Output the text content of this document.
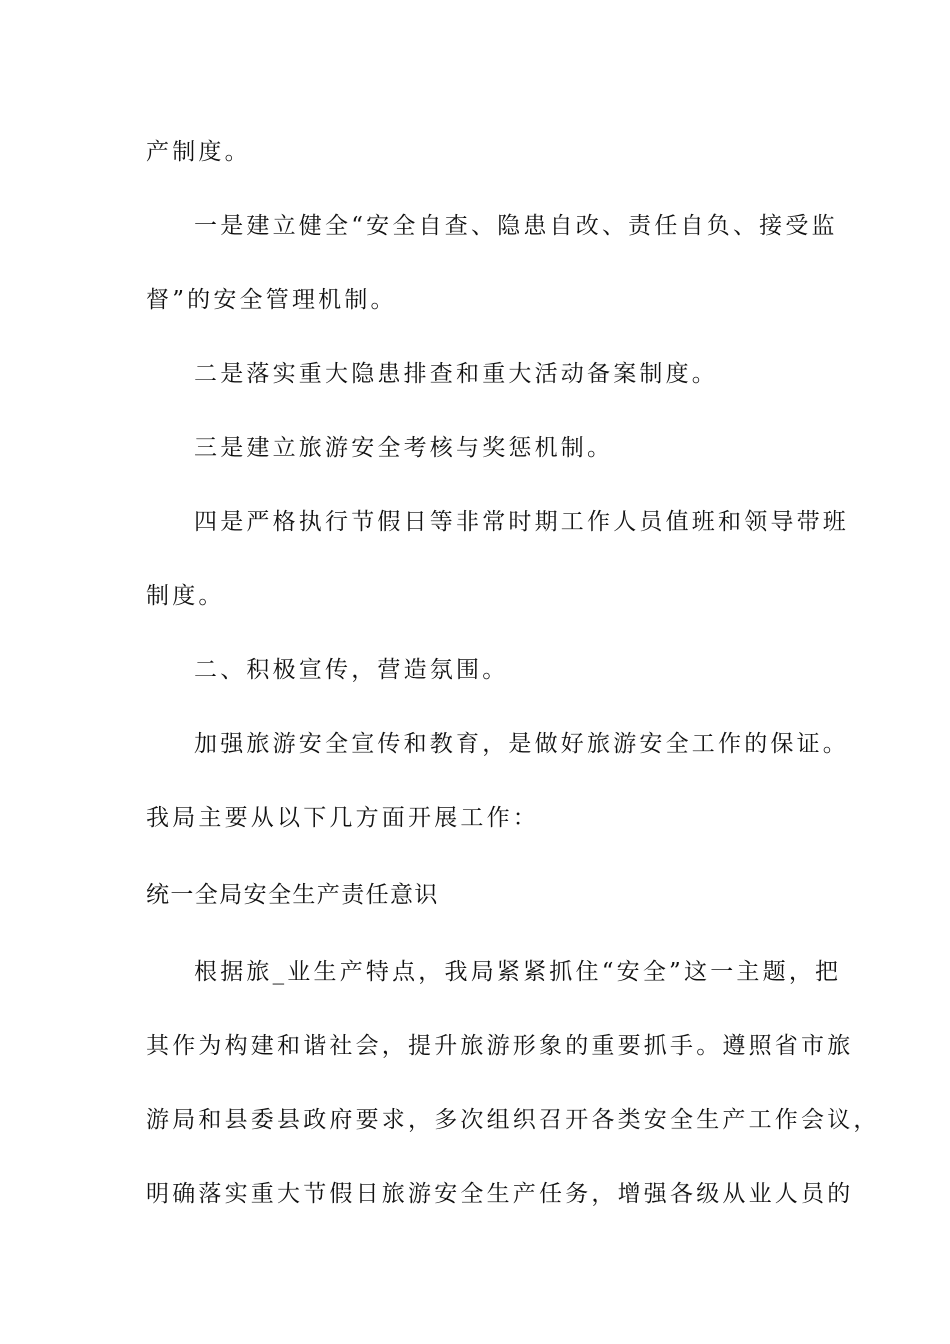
产制度。
一是建立健全“安全自查、隐患自改、责任自负、接受监
督”的安全管理机制。
二是落实重大隐患排查和重大活动备案制度。
三是建立旅游安全考核与奖惩机制。
四是严格执行节假日等非常时期工作人员值班和领导带班
制度。
二、积极宣传，营造氛围。
加强旅游安全宣传和教育，是做好旅游安全工作的保证。
我局主要从以下几方面开展工作：
统一全局安全生产责任意识
根据旅_业生产特点，我局紧紧抓住“安全”这一主题，把
其作为构建和谐社会，提升旅游形象的重要抓手。遵照省市旅
游局和县委县政府要求，多次组织召开各类安全生产工作会议，
明确落实重大节假日旅游安全生产任务，增强各级从业人员的
